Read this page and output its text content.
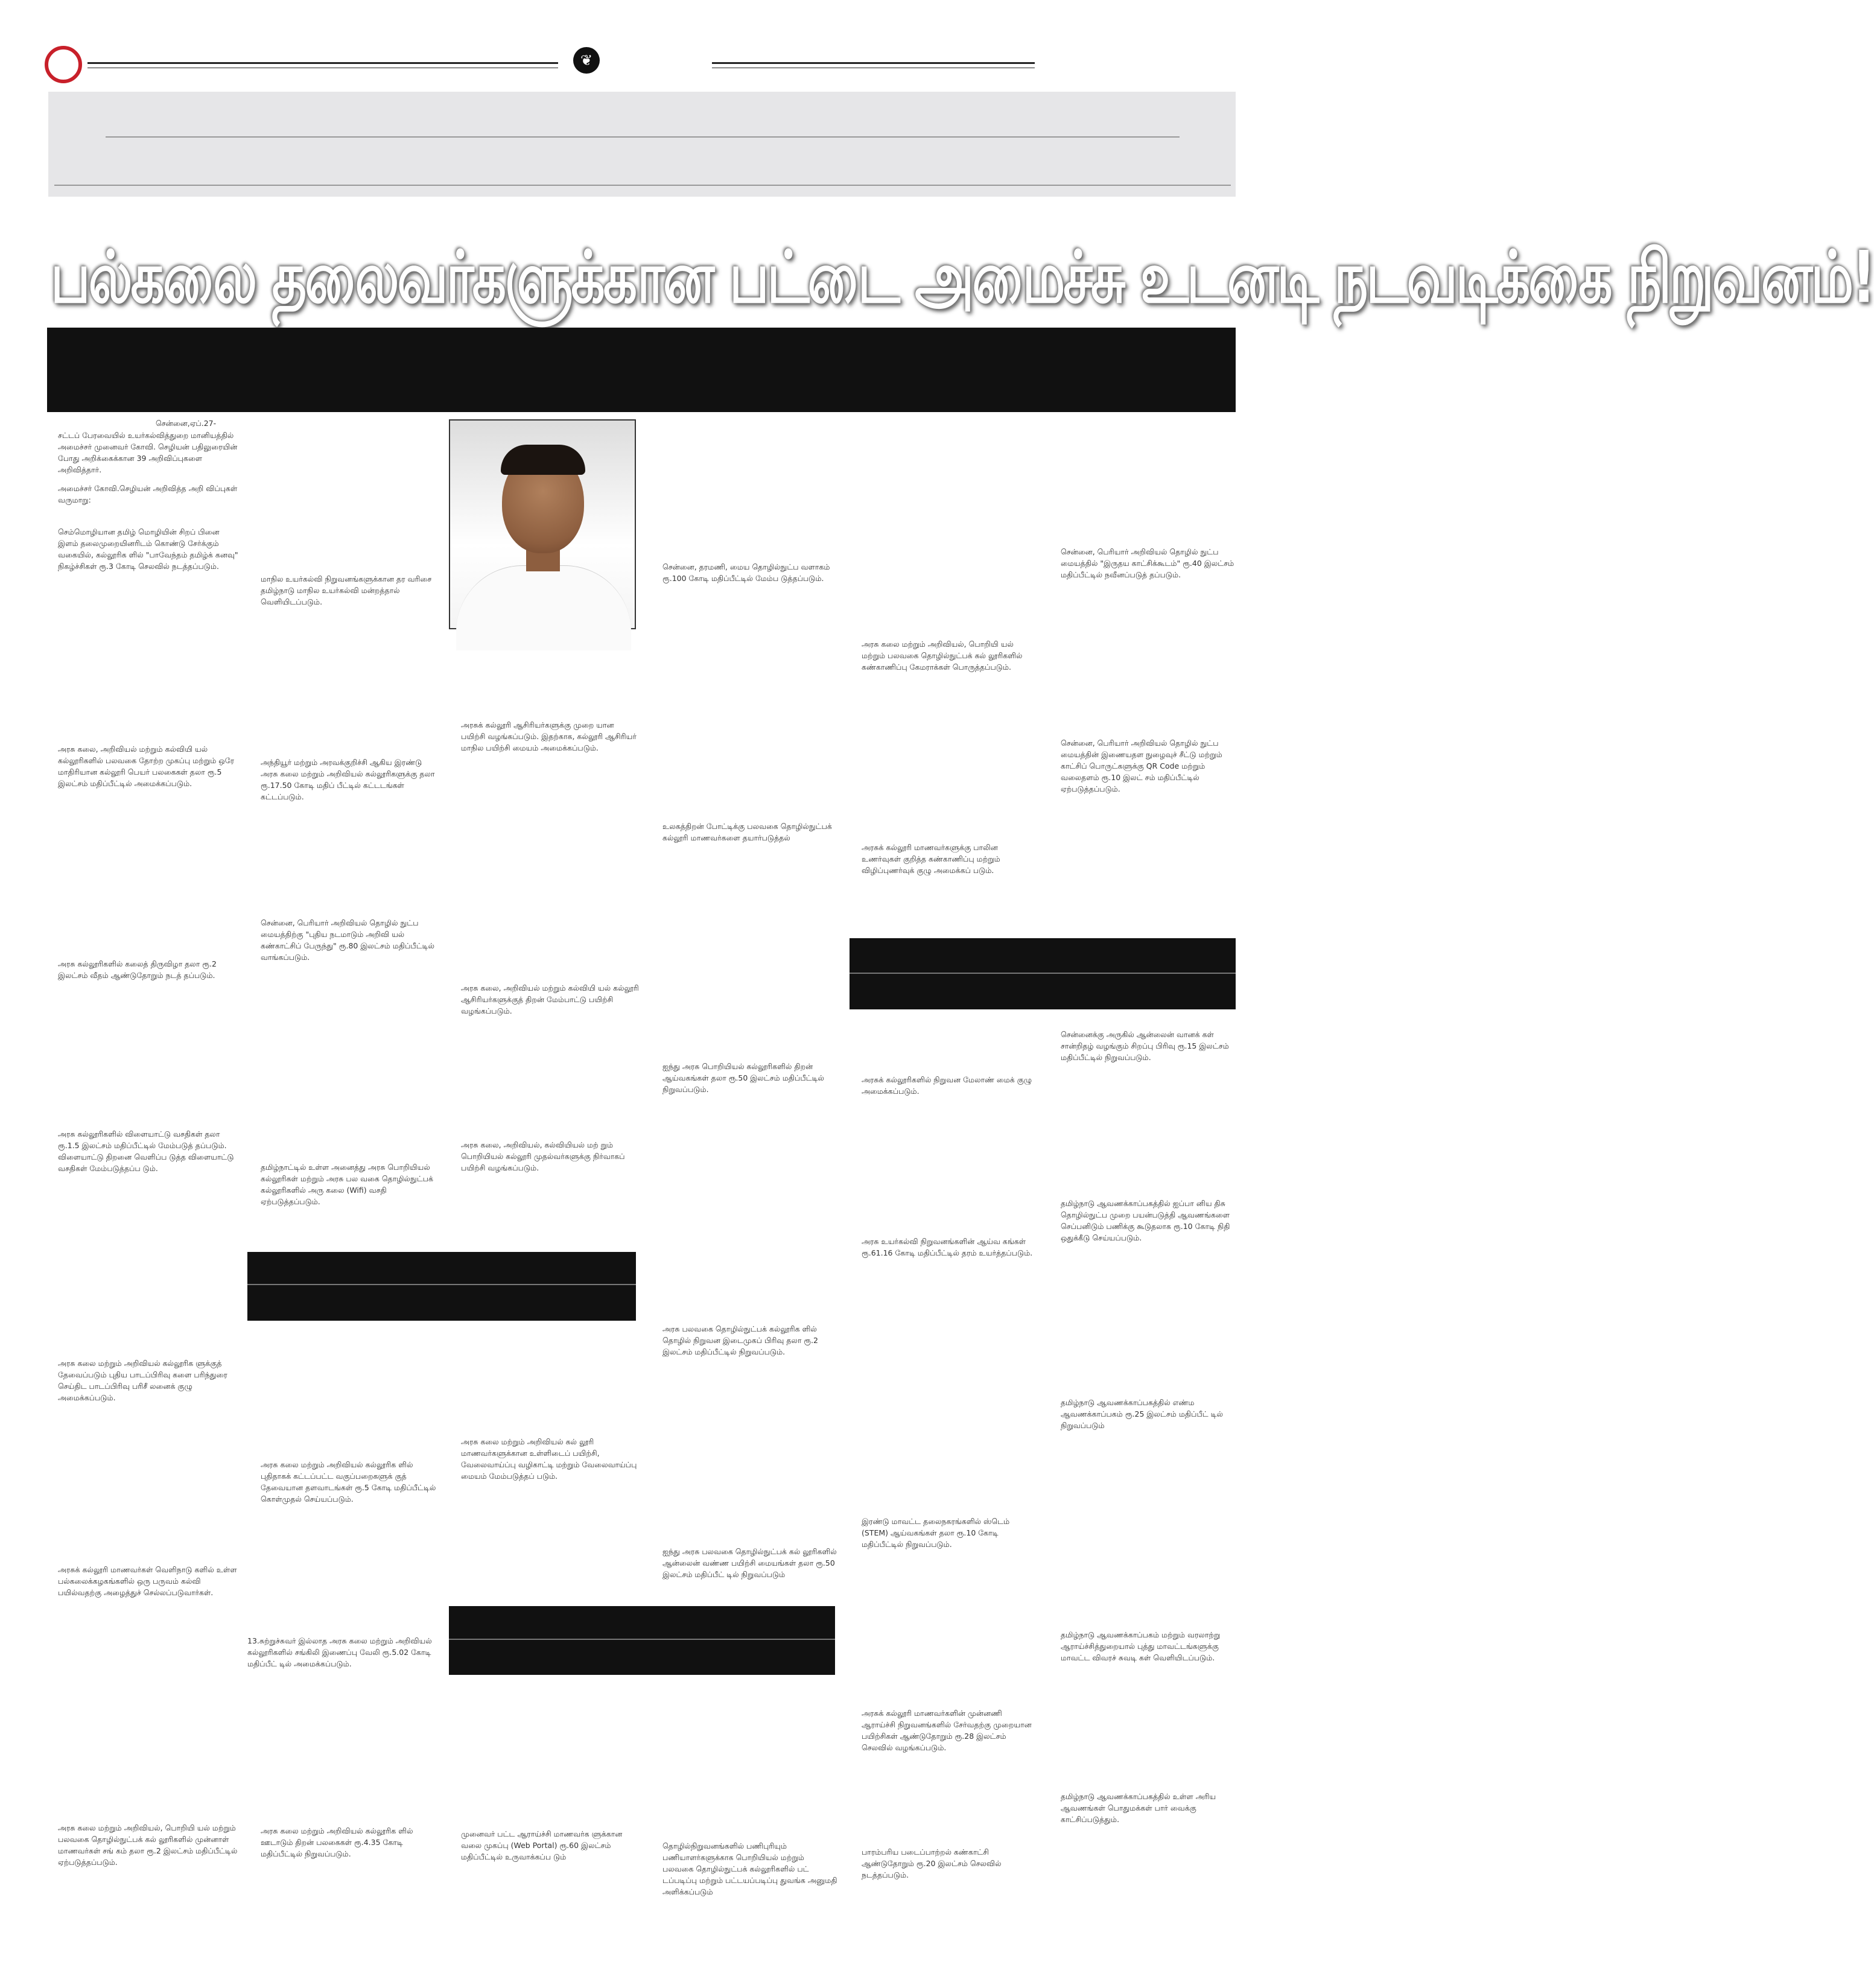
❦
பல்கலை தலைவர்களுக்கான பட்டை அமைச்சு உடனடி நடவடிக்கை நிறுவனம்!
சென்னை,ஏப்.27-
சட்டப் பேரவையில் உயர்கல்வித்துறை மானியத்தில் அமைச்சர் முனைவர் கோவி. செழியன் பதிலுரையின் போது அறிக்கைக்கான 39 அறிவிப்புகளை அறிவித்தார்.
அமைச்சர் கோவி.செழியன் அறிவித்த அறி விப்புகள் வருமாறு:
செம்மொழியான தமிழ் மொழியின் சிறப் பினை இளம் தலைமுறையினரிடம் கொண்டு சேர்க்கும் வகையில், கல்லூரிக ளில் "பாவேந்தம் தமிழ்க் கனவு" நிகழ்ச்சிகள் ரூ.3 கோடி செலவில் நடத்தப்படும்.
அரசு கலை, அறிவியல் மற்றும் கல்வியி யல் கல்லூரிகளில் பலவகை தோற்ற முகப்பு மற்றும் ஒரே மாதிரியான கல்லூரி பெயர் பலகைகள் தலா ரூ.5 இலட்சம் மதிப்பீட்டில் அமைக்கப்படும்.
அரசு கல்லூரிகளில் கலைத் திருவிழா தலா ரூ.2 இலட்சம் வீதம் ஆண்டுதோறும் நடத் தப்படும்.
அரசு கல்லூரிகளில் விளையாட்டு வசதிகள் தலா ரூ.1.5 இலட்சம் மதிப்பீட்டில் மேம்படுத் தப்படும். விளையாட்டு திறனை வெளிப்ப டுத்த விளையாட்டு வசதிகள் மேம்படுத்தப்ப டும்.
அரசு கலை மற்றும் அறிவியல் கல்லூரிக ளுக்குத் தேவைப்படும் புதிய பாடப்பிரிவு களை பரிந்துரை செய்திட பாடப்பிரிவு பரிசீ லனைக் குழு அமைக்கப்படும்.
அரசுக் கல்லூரி மாணவர்கள் வெளிநாடு களில் உள்ள பல்கலைக்கழகங்களில் ஒரு பருவம் கல்வி பயில்வதற்கு அழைத்துச் செல்லப்படுவார்கள்.
அரசு கலை மற்றும் அறிவியல், பொறியி யல் மற்றும் பலவகை தொழில்நுட்பக் கல் லூரிகளில் முன்னாள் மாணவர்கள் சங் கம் தலா ரூ.2 இலட்சம் மதிப்பீட்டில் ஏற்படுத்தப்படும்.
மாநில உயர்கல்வி நிறுவனங்களுக்கான தர வரிசை தமிழ்நாடு மாநில உயர்கல்வி மன்றத்தால் வெளியிடப்படும்.
அந்தியூர் மற்றும் அரவக்குறிச்சி ஆகிய இரண்டு அரசு கலை மற்றும் அறிவியல் கல்லூரிகளுக்கு தலா ரூ.17.50 கோடி மதிப் பீட்டில் கட்டடங்கள் கட்டப்படும்.
சென்னை, பெரியார் அறிவியல் தொழில் நுட்ப மையத்திற்கு "புதிய நடமாடும் அறிவி யல் கண்காட்சிப் பேருந்து" ரூ.80 இலட்சம் மதிப்பீட்டில் வாங்கப்படும்.
தமிழ்நாட்டில் உள்ள அனைத்து அரசு பொறியியல் கல்லூரிகள் மற்றும் அரசு பல வகை தொழில்நுட்பக் கல்லூரிகளில் அரு கலை (Wifi) வசதி ஏற்படுத்தப்படும்.
அரசு கலை மற்றும் அறிவியல் கல்லூரிக ளில் புதிதாகக் கட்டப்பட்ட வகுப்பறைகளுக் குத் தேவையான தளவாடங்கள் ரூ.5 கோடி மதிப்பீட்டில் கொள்முதல் செய்யப்படும்.
13.சுற்றுச்சுவர் இல்லாத அரசு கலை மற்றும் அறிவியல் கல்லூரிகளில் சங்கிலி இணைப்பு வேலி ரூ.5.02 கோடி மதிப்பீட் டில் அமைக்கப்படும்.
அரசு கலை மற்றும் அறிவியல் கல்லூரிக ளில் ஊடாடும் திறன் பலகைகள் ரூ.4.35 கோடி மதிப்பீட்டில் நிறுவப்படும்.
அரசுக் கல்லூரி ஆசிரியர்களுக்கு முறை யான பயிற்சி வழங்கப்படும். இதற்காக, கல்லூரி ஆசிரியர் மாநில பயிற்சி மையம் அமைக்கப்படும்.
அரசு கலை, அறிவியல் மற்றும் கல்வியி யல் கல்லூரி ஆசிரியர்களுக்குத் திறன் மேம்பாட்டு பயிற்சி வழங்கப்படும்.
அரசு கலை, அறிவியல், கல்வியியல் மற் றும் பொறியியல் கல்லூரி முதல்வர்களுக்கு நிர்வாகப் பயிற்சி வழங்கப்படும்.
அரசு கலை மற்றும் அறிவியல் கல் லூரி மாணவர்களுக்கான உள்ளிடைப் பயிற்சி, வேலைவாய்ப்பு வழிகாட்டி மற்றும் வேலைவாய்ப்பு மையம் மேம்படுத்தப் படும்.
முனைவர் பட்ட ஆராய்ச்சி மாணவர்க ளுக்கான வலை முகப்பு (Web Portal) ரூ.60 இலட்சம் மதிப்பீட்டில் உருவாக்கப்ப டும்
சென்னை, தரமணி, மைய தொழில்நுட்ப வளாகம் ரூ.100 கோடி மதிப்பீட்டில் மேம்ப டுத்தப்படும்.
உலகத்திறன் போட்டிக்கு பலவகை தொழில்நுட்பக் கல்லூரி மாணவர்களை தயார்படுத்தல்
ஐந்து அரசு பொறியியல் கல்லூரிகளில் திறன் ஆய்வகங்கள் தலா ரூ.50 இலட்சம் மதிப்பீட்டில் நிறுவப்படும்.
அரசு பலவகை தொழில்நுட்பக் கல்லூரிக ளில் தொழில் நிறுவன இடைமுகப் பிரிவு தலா ரூ.2 இலட்சம் மதிப்பீட்டில் நிறுவப்படும்.
ஐந்து அரசு பலவகை தொழில்நுட்பக் கல் லூரிகளில் ஆன்லைன் வண்ண பயிற்சி மையங்கள் தலா ரூ.50 இலட்சம் மதிப்பீட் டில் நிறுவப்படும்
தொழில்நிறுவனங்களில் பணிபுரியும் பணியாளர்களுக்காக பொறியியல் மற்றும் பலவகை தொழில்நுட்பக் கல்லூரிகளில் பட் டப்படிப்பு மற்றும் பட்டயப்படிப்பு துவங்க அனுமதி அளிக்கப்படும்
அரசு கலை மற்றும் அறிவியல், பொறியி யல் மற்றும் பலவகை தொழில்நுட்பக் கல் லூரிகளில் கண்காணிப்பு கேமராக்கள் பொருத்தப்படும்.
அரசுக் கல்லூரி மாணவர்களுக்கு பாலின உணர்வுகள் குறித்த கண்காணிப்பு மற்றும் விழிப்புணர்வுக் குழு அமைக்கப் படும்.
அரசுக் கல்லூரிகளில் நிறுவன மேலாண் மைக் குழு அமைக்கப்படும்.
அரசு உயர்கல்வி நிறுவனங்களின் ஆய்வ கங்கள் ரூ.61.16 கோடி மதிப்பீட்டில் தரம் உயர்த்தப்படும்.
இரண்டு மாவட்ட தலைநகரங்களில் ஸ்டெம் (STEM) ஆய்வகங்கள் தலா ரூ.10 கோடி மதிப்பீட்டில் நிறுவப்படும்.
அரசுக் கல்லூரி மாணவர்களின் முன்னணி ஆராய்ச்சி நிறுவனங்களில் சேர்வதற்கு முறையான பயிற்சிகள் ஆண்டுதோறும் ரூ.28 இலட்சம் செலவில் வழங்கப்படும்.
பாரம்பரிய படைப்பாற்றல் கண்காட்சி ஆண்டுதோறும் ரூ.20 இலட்சம் செலவில் நடத்தப்படும்.
சென்னை, பெரியார் அறிவியல் தொழில் நுட்ப மையத்தில் "இருதய காட்சிக்கூடம்" ரூ.40 இலட்சம் மதிப்பீட்டில் நவீனப்படுத் தப்படும்.
சென்னை, பெரியார் அறிவியல் தொழில் நுட்ப மையத்தின் இணையதள நுழைவுச் சீட்டு மற்றும் காட்சிப் பொருட்களுக்கு QR Code மற்றும் வலைதளம் ரூ.10 இலட் சம் மதிப்பீட்டில் ஏற்படுத்தப்படும்.
சென்னைக்கு அருகில் ஆன்லைன் வானக் கள் சான்றிதழ் வழங்கும் சிறப்பு பிரிவு ரூ.15 இலட்சம் மதிப்பீட்டில் நிறுவப்படும்.
தமிழ்நாடு ஆவணக்காப்பகத்தில் ஐப்பா னிய திசு தொழில்நுட்ப முறை பயன்படுத்தி ஆவணங்களை செப்பனிடும் பணிக்கு கூடுதலாக ரூ.10 கோடி நிதி ஒதுக்கீடு செய்யப்படும்.
தமிழ்நாடு ஆவணக்காப்பகத்தில் எண்ம ஆவணக்காப்பகம் ரூ.25 இலட்சம் மதிப்பீட் டில் நிறுவப்படும்
தமிழ்நாடு ஆவணக்காப்பகம் மற்றும் வரலாற்று ஆராய்ச்சித்துறையால் புத்து மாவட்டங்களுக்கு மாவட்ட விவரச் சுவடி கள் வெளியிடப்படும்.
தமிழ்நாடு ஆவணக்காப்பகத்தில் உள்ள அரிய ஆவணங்கள் பொதுமக்கள் பார் வைக்கு காட்சிப்படுத்தும்.
